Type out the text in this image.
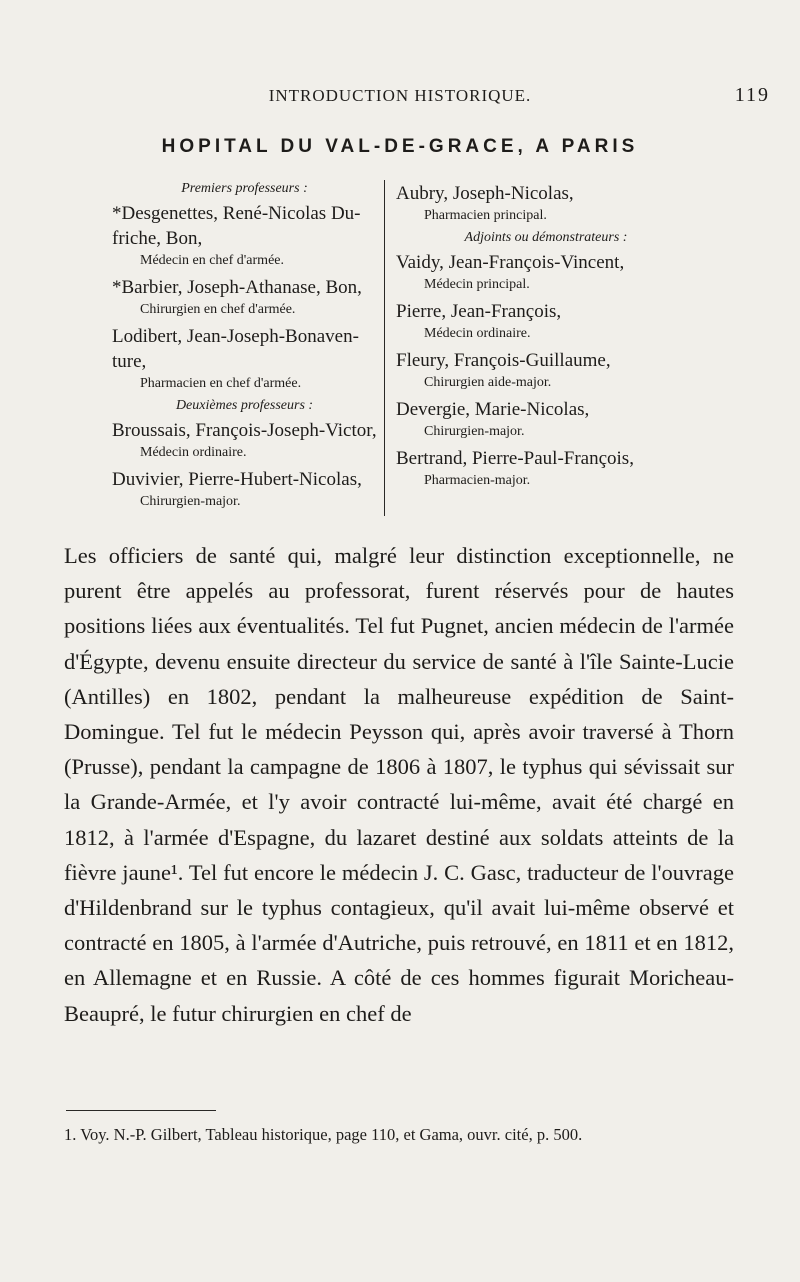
INTRODUCTION HISTORIQUE.	119
HOPITAL DU VAL-DE-GRACE, A PARIS
Premiers professeurs :
*Desgenettes, René-Nicolas Du-friche, Bon,
Médecin en chef d'armée.
*Barbier, Joseph-Athanase, Bon,
Chirurgien en chef d'armée.
Lodibert, Jean-Joseph-Bonaven-ture,
Pharmacien en chef d'armée.
Deuxièmes professeurs :
Broussais, François-Joseph-Victor,
Médecin ordinaire.
Duvivier, Pierre-Hubert-Nicolas,
Chirurgien-major.
Aubry, Joseph-Nicolas,
Pharmacien principal.
Adjoints ou démonstrateurs :
Vaidy, Jean-François-Vincent,
Médecin principal.
Pierre, Jean-François,
Médecin ordinaire.
Fleury, François-Guillaume,
Chirurgien aide-major.
Devergie, Marie-Nicolas,
Chirurgien-major.
Bertrand, Pierre-Paul-François,
Pharmacien-major.

Les officiers de santé qui, malgré leur distinction exceptionnelle, ne purent être appelés au professorat, furent réservés pour de hautes positions liées aux éventualités. Tel fut Pugnet, ancien médecin de l'armée d'Égypte, devenu ensuite directeur du service de santé à l'île Sainte-Lucie (Antilles) en 1802, pendant la malheureuse expédition de Saint-Domingue. Tel fut le médecin Peysson qui, après avoir traversé à Thorn (Prusse), pendant la campagne de 1806 à 1807, le typhus qui sévissait sur la Grande-Armée, et l'y avoir contracté lui-même, avait été chargé en 1812, à l'armée d'Espagne, du lazaret destiné aux soldats atteints de la fièvre jaune¹. Tel fut encore le médecin J. C. Gasc, traducteur de l'ouvrage d'Hildenbrand sur le typhus contagieux, qu'il avait lui-même observé et contracté en 1805, à l'armée d'Autriche, puis retrouvé, en 1811 et en 1812, en Allemagne et en Russie. A côté de ces hommes figurait Moricheau-Beaupré, le futur chirurgien en chef de

1. Voy. N.-P. Gilbert, Tableau historique, page 110, et Gama, ouvr. cité, p. 500.
